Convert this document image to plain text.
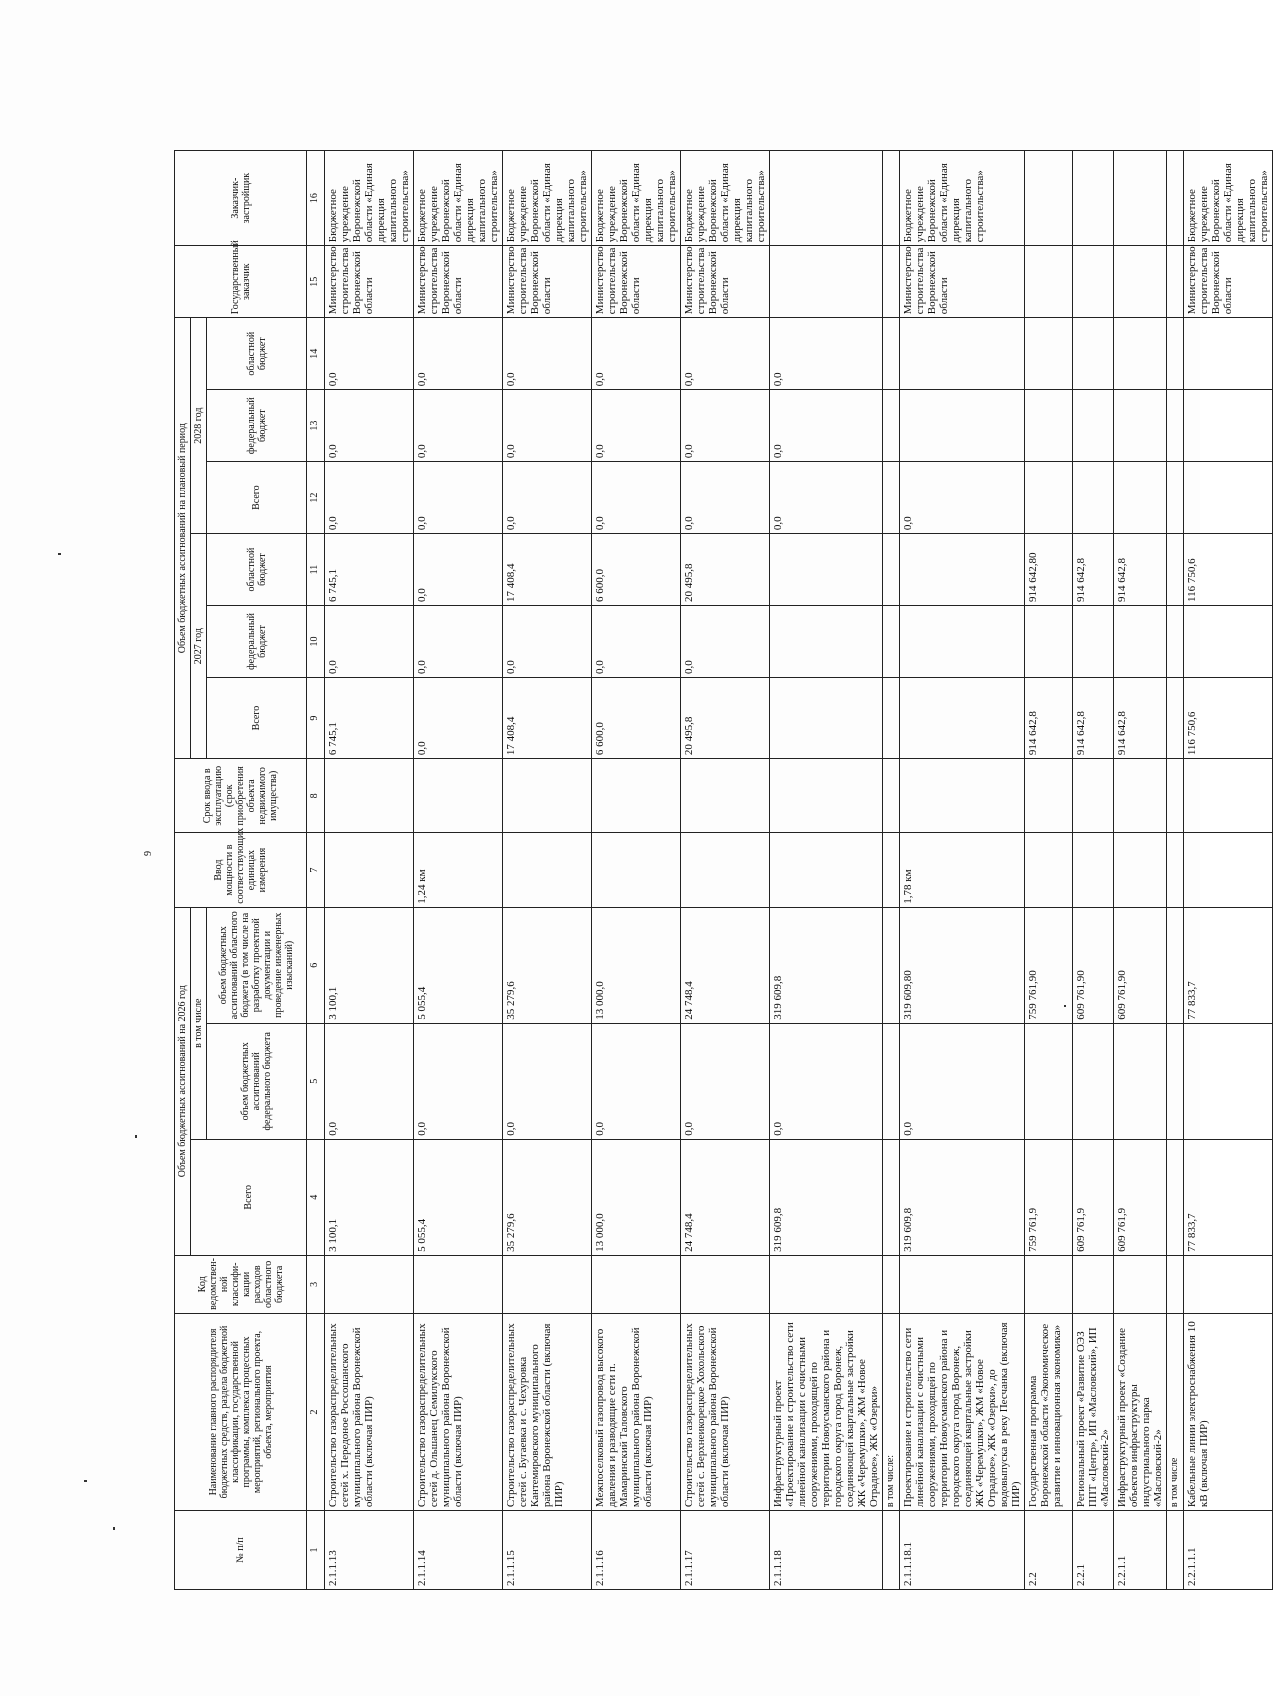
9
№ п/п	Наименование главного распорядителя бюджетных средств, раздела бюджетной классификации, государственной программы, комплекса процессных мероприятий, регионального проекта, объекта, мероприятия	Код ведомствен-ной классифи-кации расходов областного бюджета	Объем бюджетных ассигнований на 2026 год			Ввод мощности в соответствующих единицах измерения	Срок ввода в эксплуатацию (срок приобретения объекта недвижимого имущества)	Объем бюджетных ассигнований на плановый период						Государственный заказчик	Заказчик-застройщик
			Всего	в том числе				2027 год			2028 год				
				объем бюджетных ассигнований федерального бюджета	объем бюджетных ассигнований областного бюджета (в том числе на разработку проектной документации и проведение инженерных изысканий)			Всего	федеральный бюджет	областной бюджет	Всего	федеральный бюджет	областной бюджет		

1	2	3	4	5	6	7	8	9	10	11	12	13	14	15	16
2.1.1.13	Строительство газораспределительных сетей х. Передоное Россошанского муниципального района Воронежской области (включая ПИР)		3 100,1	0,0	3 100,1			6 745,1	0,0	6 745,1	0,0	0,0	0,0	Министерство строительства Воронежской области	Бюджетное учреждение Воронежской области «Единая дирекция капитального строительства»
2.1.1.14	Строительство газораспределительных сетей д. Ольшанец Семилукского муниципального района Воронежской области (включая ПИР)		5 055,4	0,0	5 055,4	1,24 км		0,0	0,0	0,0	0,0	0,0	0,0	Министерство строительства Воронежской области	Бюджетное учреждение Воронежской области «Единая дирекция капитального строительства»
2.1.1.15	Строительство газораспределительных сетей с. Бугаевка и с. Чехуровка Кантемировского муниципального района Воронежской области (включая ПИР)		35 279,6	0,0	35 279,6			17 408,4	0,0	17 408,4	0,0	0,0	0,0	Министерство строительства Воронежской области	Бюджетное учреждение Воронежской области «Единая дирекция капитального строительства»
2.1.1.16	Межпоселковый газопровод высокого давления и разводящие сети п. Мамаринский Таловского муниципального района Воронежской области (включая ПИР)		13 000,0	0,0	13 000,0			6 600,0	0,0	6 600,0	0,0	0,0	0,0	Министерство строительства Воронежской области	Бюджетное учреждение Воронежской области «Единая дирекция капитального строительства»
2.1.1.17	Строительство газораспределительных сетей с. Верхнеикорецкое Хохольского муниципального района Воронежской области (включая ПИР)		24 748,4	0,0	24 748,4			20 495,8	0,0	20 495,8	0,0	0,0	0,0	Министерство строительства Воронежской области	Бюджетное учреждение Воронежской области «Единая дирекция капитального строительства»
2.1.1.18	Инфраструктурный проект «Проектирование и строительство сети линейной канализации с очистными сооружениями, проходящей по территории Новоусманского района и городского округа город Воронеж, соединяющей квартальные застройки ЖК «Черемушки», ЖМ «Новое Отрадное», ЖК «Озерки»		319 609,8	0,0	319 609,8						0,0	0,0	0,0		
	в том числе:														
2.1.1.18.1	Проектирование и строительство сети линейной канализации с очистными сооружениями, проходящей по территории Новоусманского района и городского округа город Воронеж, соединяющей квартальные застройки ЖК «Черемушки», ЖМ «Новое Отрадное», ЖК «Озерки», до водовыпуска в реку Песчанка (включая ПИР)		319 609,8	0,0	319 609,80	1,78 км					0,0			Министерство строительства Воронежской области	Бюджетное учреждение Воронежской области «Единая дирекция капитального строительства»
2.2	Государственная программа Воронежской области «Экономическое развитие и инновационная экономика»		759 761,9		759 761,90			914 642,8		914 642,80					
2.2.1	Региональный проект «Развитие ОЭЗ ППТ «Центр», ИП «Масловский», ИП «Масловский-2»		609 761,9		609 761,90			914 642,8		914 642,8					
2.2.1.1	Инфраструктурный проект «Создание объектов инфраструктуры индустриального парка «Масловский-2»		609 761,9		609 761,90			914 642,8		914 642,8					
	в том числе														
2.2.1.1.1	Кабельные линии электроснабжения 10 кВ (включая ПИР)		77 833,7		77 833,7			116 750,6		116 750,6				Министерство строительства Воронежской области	Бюджетное учреждение Воронежской области «Единая дирекция капитального строительства»
